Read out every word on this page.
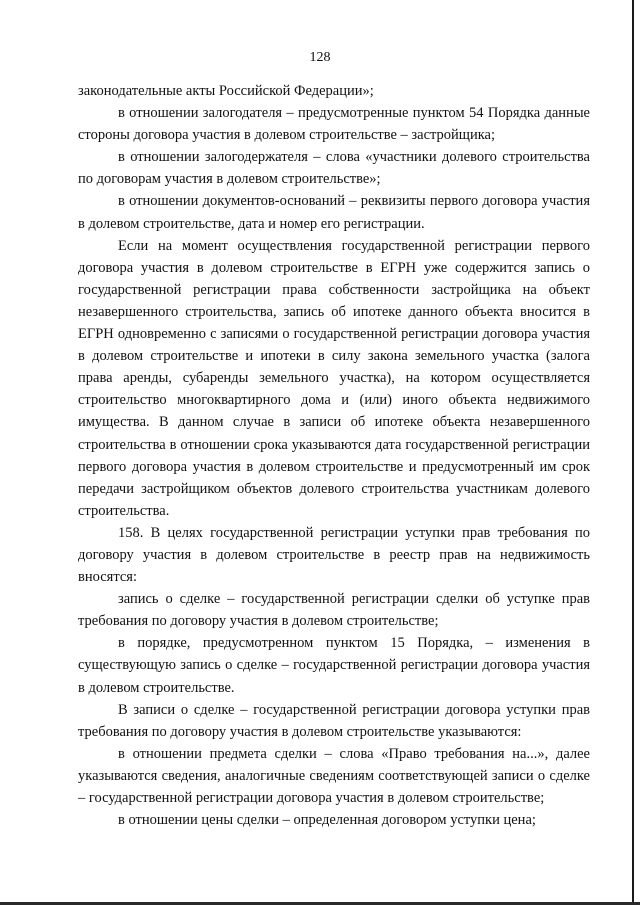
128

законодательные акты Российской Федерации»;

в отношении залогодателя – предусмотренные пунктом 54 Порядка данные стороны договора участия в долевом строительстве – застройщика;

в отношении залогодержателя – слова «участники долевого строительства по договорам участия в долевом строительстве»;

в отношении документов-оснований – реквизиты первого договора участия в долевом строительстве, дата и номер его регистрации.

Если на момент осуществления государственной регистрации первого договора участия в долевом строительстве в ЕГРН уже содержится запись о государственной регистрации права собственности застройщика на объект незавершенного строительства, запись об ипотеке данного объекта вносится в ЕГРН одновременно с записями о государственной регистрации договора участия в долевом строительстве и ипотеки в силу закона земельного участка (залога права аренды, субаренды земельного участка), на котором осуществляется строительство многоквартирного дома и (или) иного объекта недвижимого имущества. В данном случае в записи об ипотеке объекта незавершенного строительства в отношении срока указываются дата государственной регистрации первого договора участия в долевом строительстве и предусмотренный им срок передачи застройщиком объектов долевого строительства участникам долевого строительства.

158. В целях государственной регистрации уступки прав требования по договору участия в долевом строительстве в реестр прав на недвижимость вносятся:

запись о сделке – государственной регистрации сделки об уступке прав требования по договору участия в долевом строительстве;

в порядке, предусмотренном пунктом 15 Порядка, – изменения в существующую запись о сделке – государственной регистрации договора участия в долевом строительстве.

В записи о сделке – государственной регистрации договора уступки прав требования по договору участия в долевом строительстве указываются:

в отношении предмета сделки – слова «Право требования на...», далее указываются сведения, аналогичные сведениям соответствующей записи о сделке – государственной регистрации договора участия в долевом строительстве;

в отношении цены сделки – определенная договором уступки цена;
